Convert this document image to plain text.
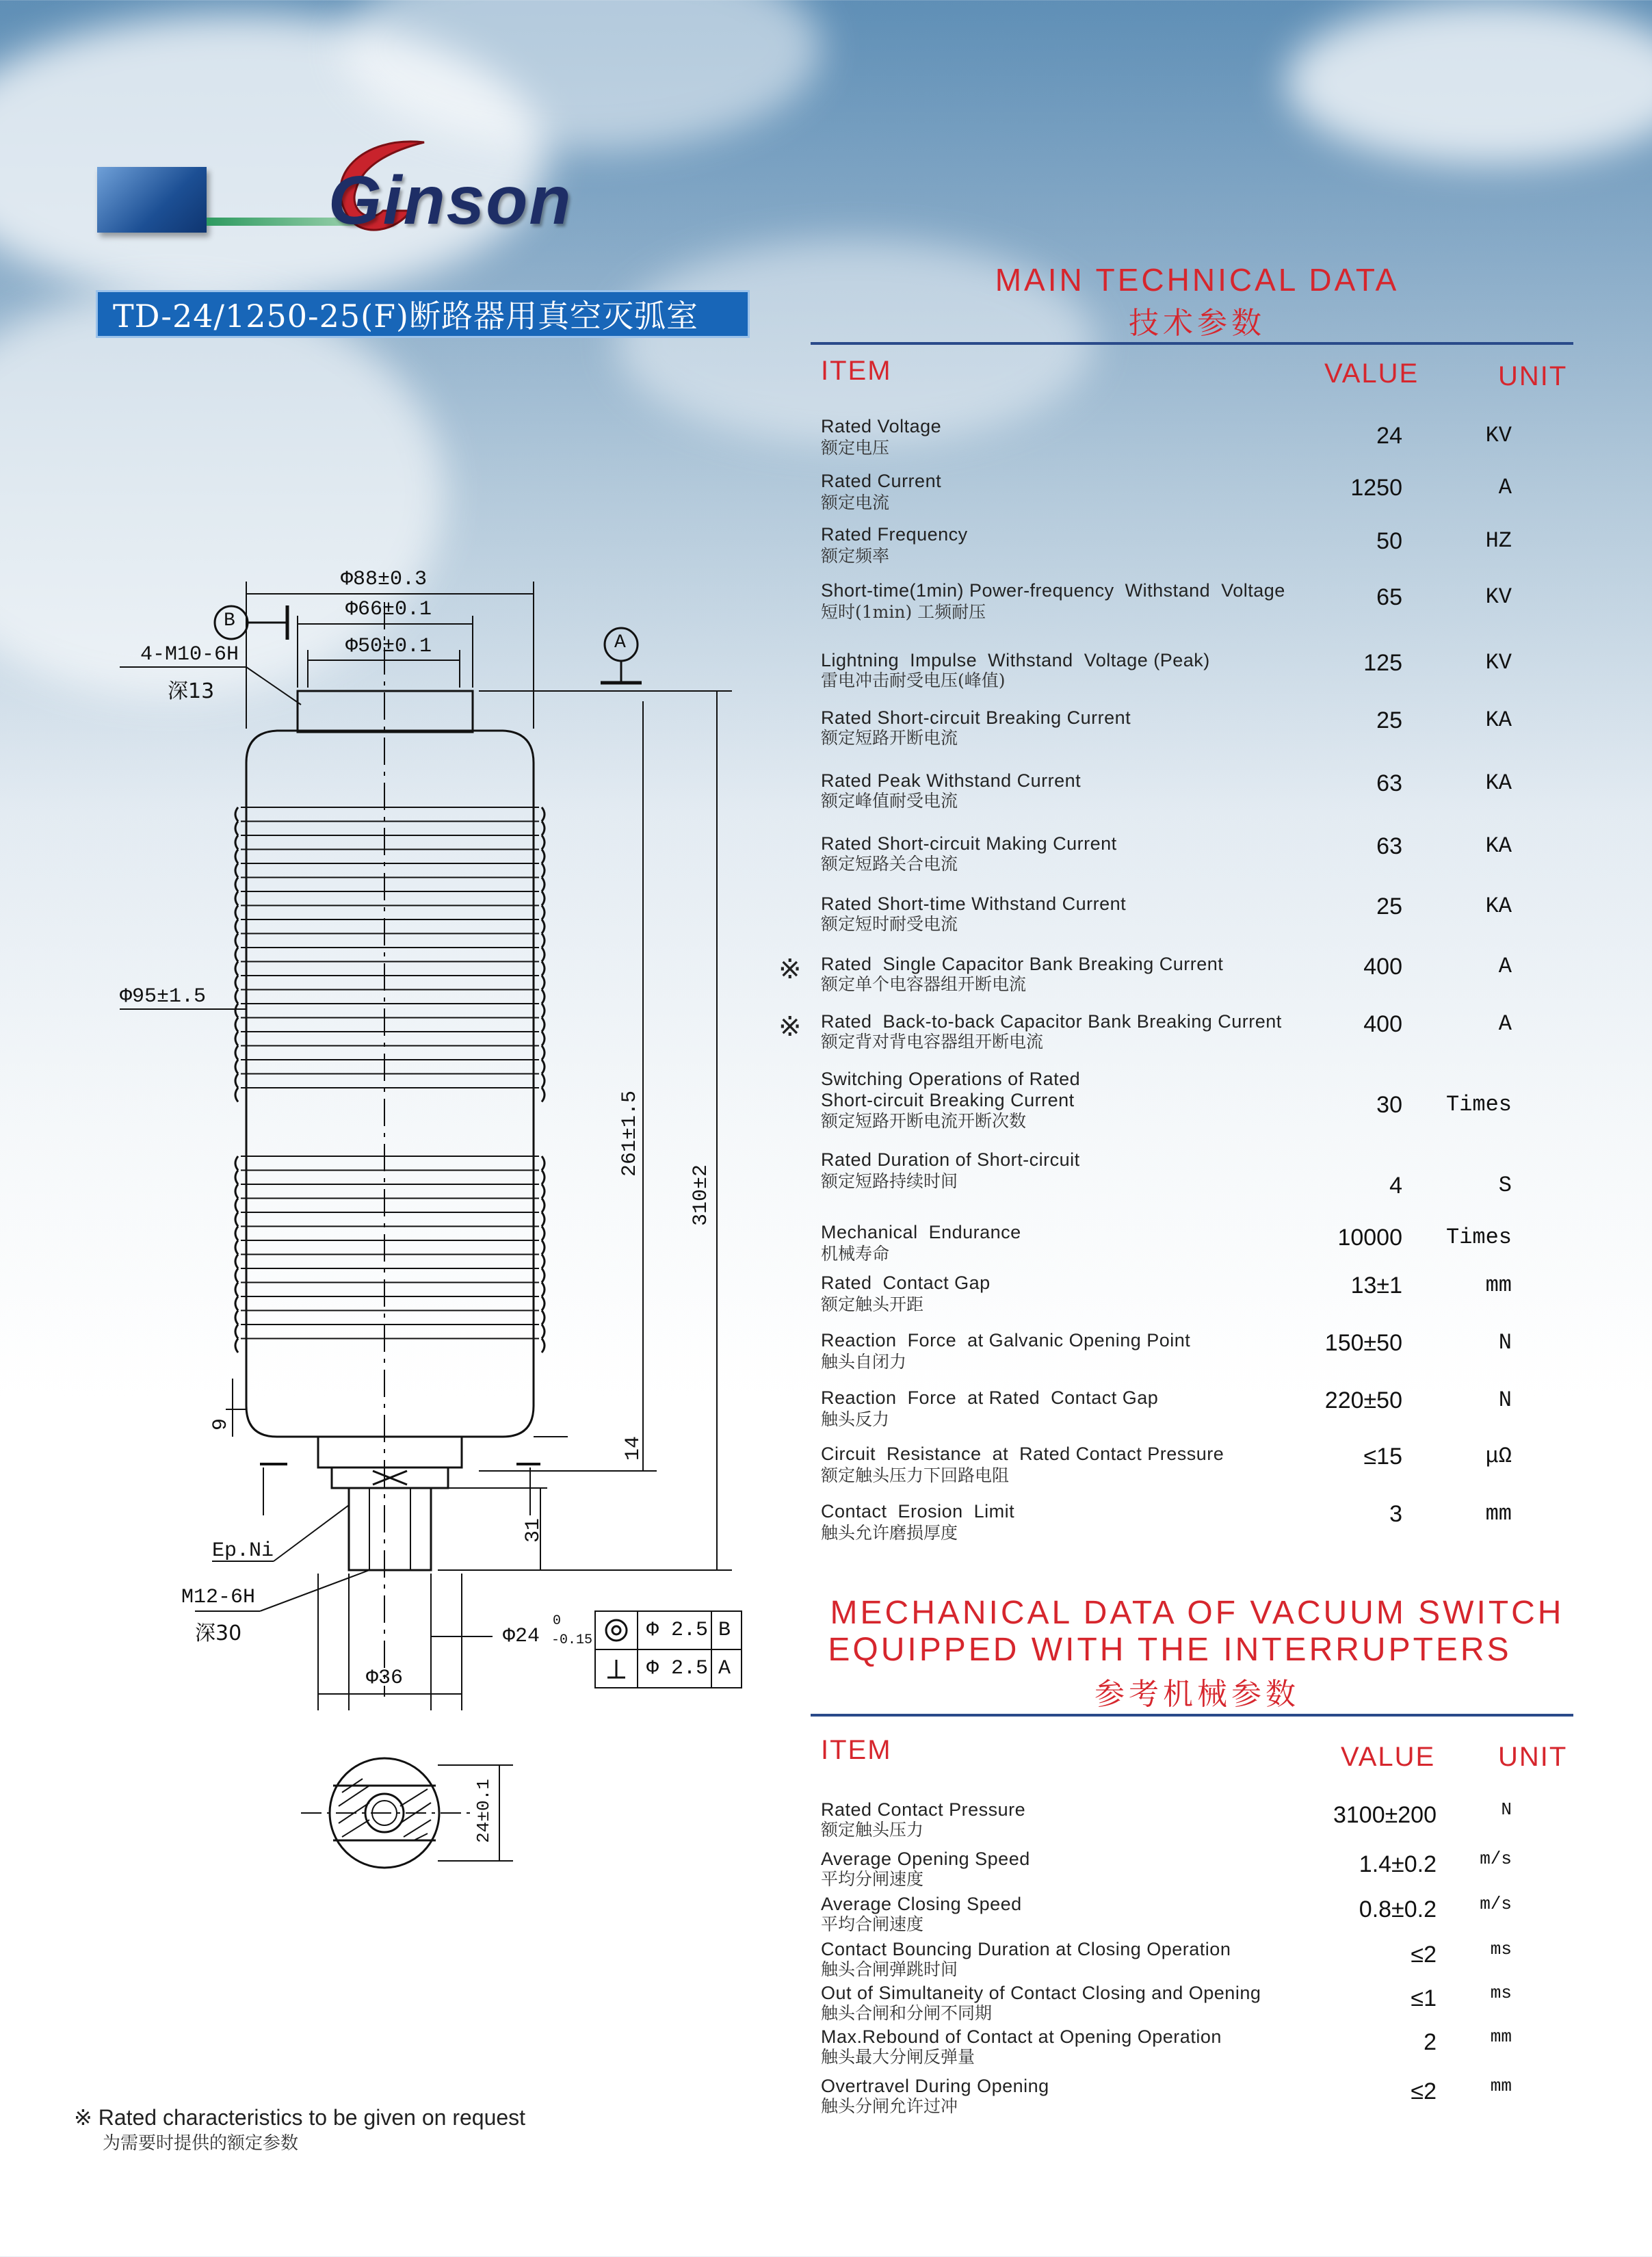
Ginson
TD-24/1250-25(F)断路器用真空灭弧室
MAIN TECHNICAL DATA
技术参数
ITEM	VALUE	UNIT
Rated Voltage
额定电压	24	KV
Rated Current
额定电流
1250	A
Rated Frequency
额定频率
50	HZ
Short-time(1min) Power-frequency  Withstand  Voltage
短时(1min) 工频耐压
65	KV
Lightning  Impulse  Withstand  Voltage (Peak)
雷电冲击耐受电压(峰值)
125	KV
Rated Short-circuit Breaking Current
额定短路开断电流
25	KA
Rated Peak Withstand Current
额定峰值耐受电流
63	KA
Rated Short-circuit Making Current
额定短路关合电流
63	KA
Rated Short-time Withstand Current
额定短时耐受电流
25	KA
※ Rated  Single Capacitor Bank Breaking Current
额定单个电容器组开断电流
400	A
※ Rated  Back-to-back Capacitor Bank Breaking Current
额定背对背电容器组开断电流
400	A
Switching Operations of Rated
Short-circuit Breaking Current
额定短路开断电流开断次数
30	Times
Rated Duration of Short-circuit
额定短路持续时间	4	S
Mechanical  Endurance
机械寿命
10000	Times
Rated  Contact Gap
额定触头开距
13±1	mm
Reaction  Force  at Galvanic Opening Point
触头自闭力
150±50	N
Reaction  Force  at Rated  Contact Gap
触头反力
220±50	N
Circuit  Resistance  at  Rated Contact Pressure
额定触头压力下回路电阻
≤15	μΩ
Contact  Erosion  Limit
触头允许磨损厚度
3	mm
MECHANICAL DATA OF VACUUM SWITCH
EQUIPPED WITH THE INTERRUPTERS
参考机械参数
ITEM	VALUE UNIT
Rated Contact Pressure
额定触头压力
3100±200	N
Average Opening Speed
平均分闸速度
1.4±0.2	m/s
Average Closing Speed
平均合闸速度
0.8±0.2	m/s
Contact Bouncing Duration at Closing Operation
触头合闸弹跳时间
≤2	ms
Out of Simultaneity of Contact Closing and Opening
触头合闸和分闸不同期
≤1	ms
Max.Rebound of Contact at Opening Operation
触头最大分闸反弹量
2	mm
Overtravel During Opening
触头分闸允许过冲
≤2	mm
Φ88±0.3
Φ66±0.1
Φ50±0.1
B
A
4-M10-6H
深13
Φ95±1.5
261±1.5
310±2
9
14
31
Ep.Ni
M12-6H
深30	Φ24
0
-0.15	Φ 2.5 B
Φ 2.5 A
Φ36
24±0.1
※ Rated characteristics to be given on request
为需要时提供的额定参数
